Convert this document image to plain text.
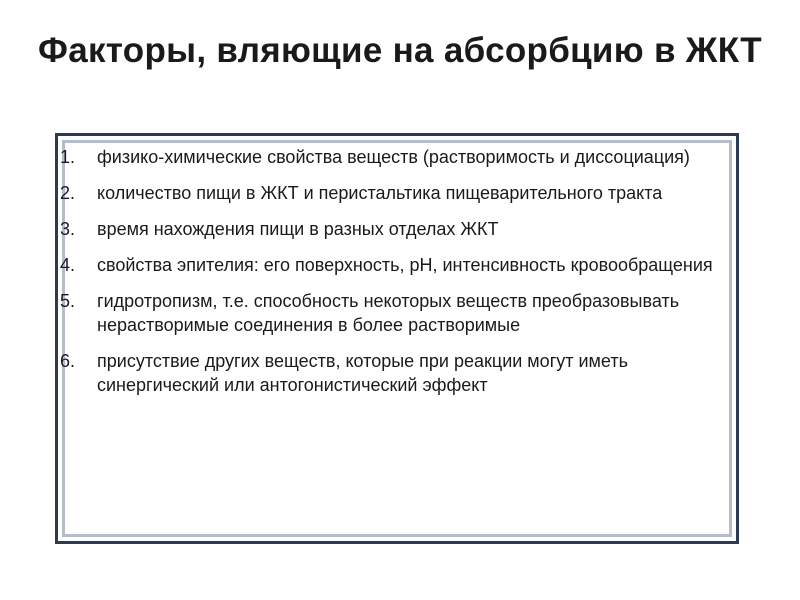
Факторы, вляющие на абсорбцию в ЖКТ
1. физико-химические свойства веществ (растворимость и диссоциация)
2. количество пищи в ЖКТ и перистальтика пищеварительного тракта
3. время нахождения пищи в разных отделах ЖКТ
4. свойства эпителия: его поверхность, pH, интенсивность кровообращения
5. гидротропизм, т.е. способность некоторых веществ преобразовывать нерастворимые соединения в более растворимые
6. присутствие других веществ, которые при реакции могут иметь синергический или антогонистический эффект
